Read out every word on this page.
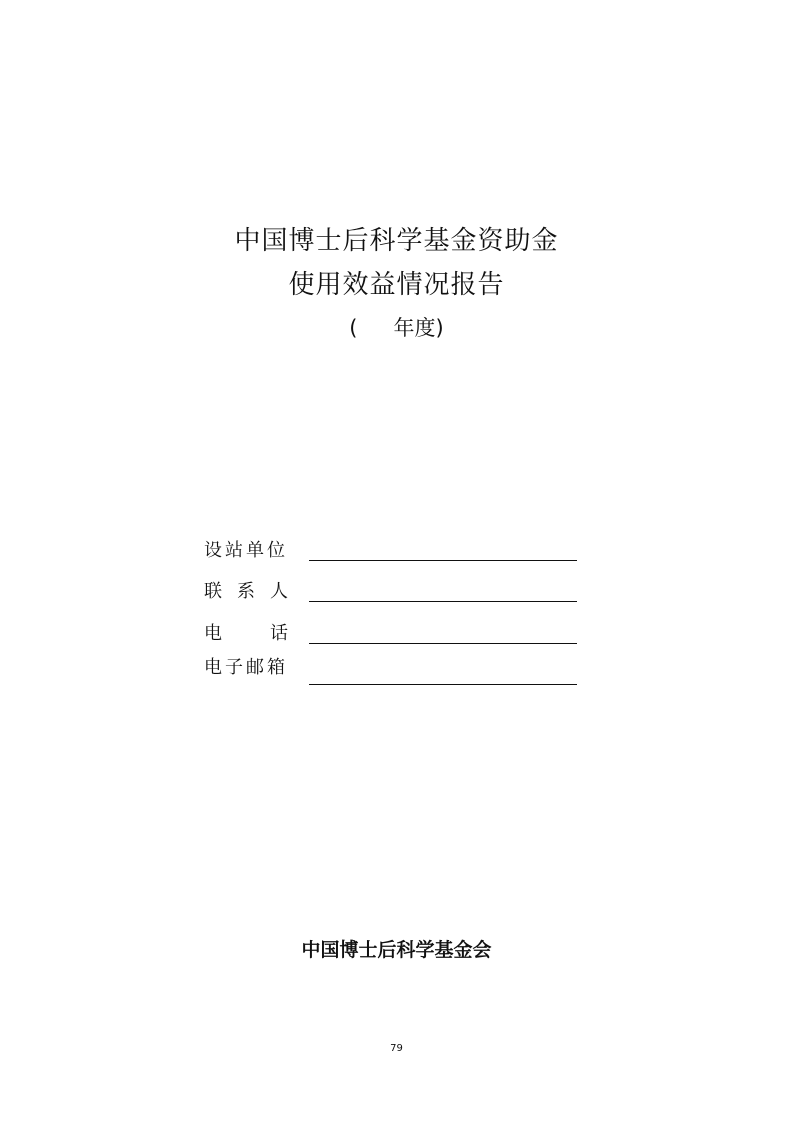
中国博士后科学基金资助金
使用效益情况报告
( 年度)
设站单位
联 系 人
电	话
电子邮箱
中国博士后科学基金会
79
